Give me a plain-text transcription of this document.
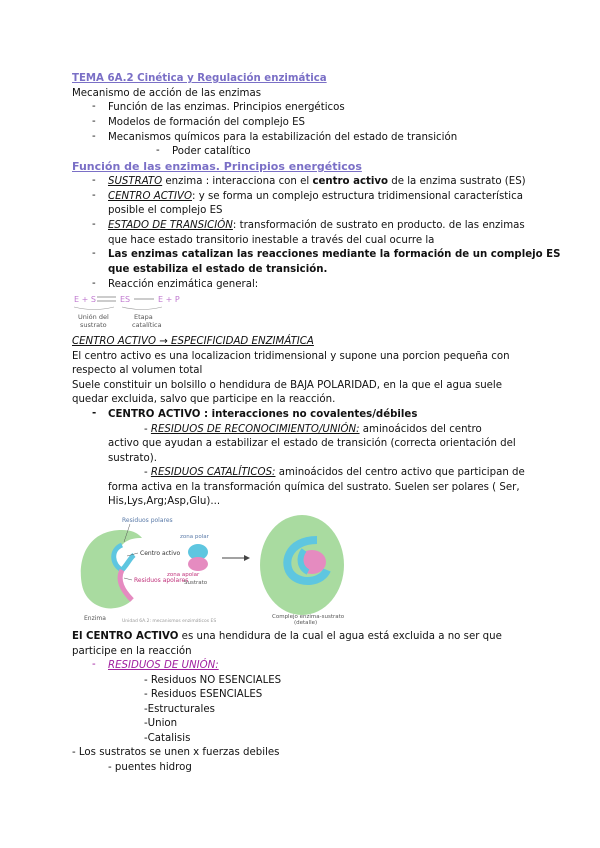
TEMA 6A.2 Cinética y Regulación enzimática
Mecanismo de acción de las enzimas
- Función de las enzimas. Principios energéticos
- Modelos de formación del complejo ES
- Mecanismos químicos para la estabilización del estado de transición
- Poder catalítico
Función de las enzimas. Principios energéticos
- SUSTRATO enzima : interacciona con el centro activo de la enzima sustrato (ES)
- CENTRO ACTIVO: y se forma un complejo estructura tridimensional característica
posible el complejo ES
- ESTADO DE TRANSICIÓN: transformación de sustrato en producto. de las enzimas
que hace estado transitorio inestable a través del cual ocurre la
- Las enzimas catalizan las reacciones mediante la formación de un complejo ES
que estabiliza el estado de transición.
- Reacción enzimática general:
E + S	ES	E + P
Unión del
sustrato
Etapa
catalítica
CENTRO ACTIVO → ESPECIFICIDAD ENZIMÁTICA
El centro activo es una localizacion tridimensional y supone una porcion pequeña con
respecto al volumen total
Suele constituir un bolsillo o hendidura de BAJA POLARIDAD, en la que el agua suele
quedar excluida, salvo que participe en la reacción.
- CENTRO ACTIVO : interacciones no covalentes/débiles
- RESIDUOS DE RECONOCIMIENTO/UNIÓN: aminoácidos del centro
activo que ayudan a estabilizar el estado de transición (correcta orientación del
sustrato).
- RESIDUOS CATALÍTICOS: aminoácidos del centro activo que participan de
forma activa en la transformación química del sustrato. Suelen ser polares ( Ser,
His,Lys,Arg;Asp,Glu)...
Residuos polares
Centro activo
Residuos apolares
Enzima
zona polar
zona apolar
Sustrato
Complejo enzima-sustrato
(detalle)
Unidad 6A.2: mecanismos enzimáticos ES
El CENTRO ACTIVO es una hendidura de la cual el agua está excluida a no ser que
participe en la reacción
- RESIDUOS DE UNIÓN:
- Residuos NO ESENCIALES
- Residuos ESENCIALES
-Estructurales
-Union
-Catalisis
- Los sustratos se unen x fuerzas debiles
- puentes hidrog
